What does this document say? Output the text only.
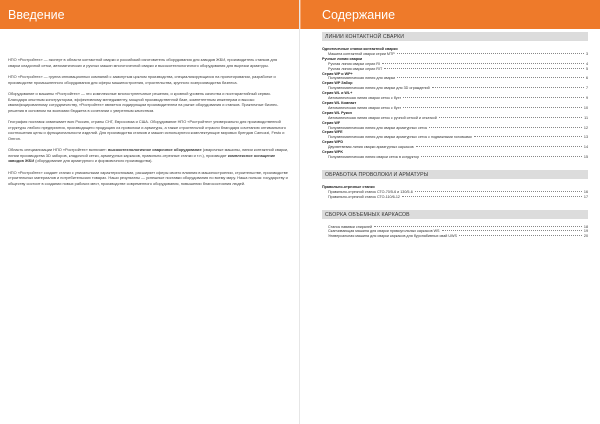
Введение

НПО «Ростройтех» — эксперт в области контактной сварки и российский изготовитель оборудования для заводов ЖБИ, производитель станков для сварки кладочной сетки, автоматических и ручных машин многоточечной сварки и высокотехнологичного оборудования для вырезки арматуры.

НПО «Ростройтех» — группа инновационных компаний с замкнутым циклом производства, специализирующихся на проектировании, разработке и производстве промышленного оборудования для сферы машиностроения, строительства, крупного хозпроизводства бизнеса.

Оборудование и машины «Ростройтех» — это комплексные многоступенчатые решения, и кровной уровень качества и постгарантийный сервис. Благодаря опытным конструкторам, эффективному менеджменту, мощной производственной базе, компетентным инженерам и высоко квалифицированному сотрудничеству, «Ростройтех» является лидирующим производителем на рынке оборудования и станков. Практичные бизнес-решения в основном на экономии бюджета в сочетании с уверенным качеством.

География поставок охватывает всю Россию, страны СНГ, Евросоюза и США. Оборудование НПО «Ростройтех» универсально для производственной структуры любого предприятия, производящего продукцию из проволоки и арматуры, а также строительной отрасли благодаря сочетанию оптимального соотношения цены и функциональности изделий. Для производства станков и машин используются комплектующие мировых брендов Camozzi, Festo и Omron.

Область специализации НПО «Ростройтех» включает: высокотехнологичное сварочное оборудование (сварочные машины, линии контактной сварки, линии производства 3D заборов, кладочной сетки, арматурных каркасов, правильно-отрезные станки и т.п.), производят комплексное оснащение заводов ЖБИ (оборудование для арматурного и формовочного производства).

НПО «Ростройтех» создает станки с уникальными характеристиками, расширяет сферы своего влияния в машиностроении, строительстве, производстве строительных материалов и потребительских товарах. Наши результаты — успешные поставки оборудования по всему миру. Наша польза: государству и обществу состоит в создании новых рабочих мест, производстве современного оборудования, повышении благосостояния людей.

Содержание
ЛИНИИ КОНТАКТНОЙ СВАРКИ
Одноточечные станки контактной сварки
Машина контактной сварки серии МТР	3
Ручные линии сварки
Ручная линия сварки серии RI	4
Ручная линия сварки серии RIT	5
Серия WP и WP+
Полуавтоматическая линия для сварки	6
Серия WP Забор
Полуавтоматическая линия для сварки для 3D ограждений	7
Серия WL и WL+
Автоматическая линия сварки сеток с бухт	9
Серия WL Компакт
Автоматическая линия сварки сеток с бухт	10
Серия WL Рукон
Автоматическая линия сварки сеток с ручной сеткой и откаткой	11
Серия WF
Полуавтоматическая линия для сварки арматурных сеток	12
Серия WFE
Полуавтоматическая линия для сварки арматурных сеток с подвижными головками	13
Серия WPD
Двухветвевая линия сварки арматурных каркасов	14
Серия WPK
Полуавтоматическая линия сварки сеток в кондуктор	15
ОБРАБОТКА ПРОВОЛОКИ И АРМАТУРЫ
Правильно-отрезные станки
Правильно-отрезной станок СТО-70/5-6 и 130/5-6	16
Правильно-отрезной станок СТО-110/6-12	17
СБОРКА ОБЪЕМНЫХ КАРКАСОВ
Станок навивки спиралей	18
Сканчивающая машина для сварки прямоугольных каркасов WS	19
Универсальная машина для сварки каркасов для буронабивных свай UWS	20
